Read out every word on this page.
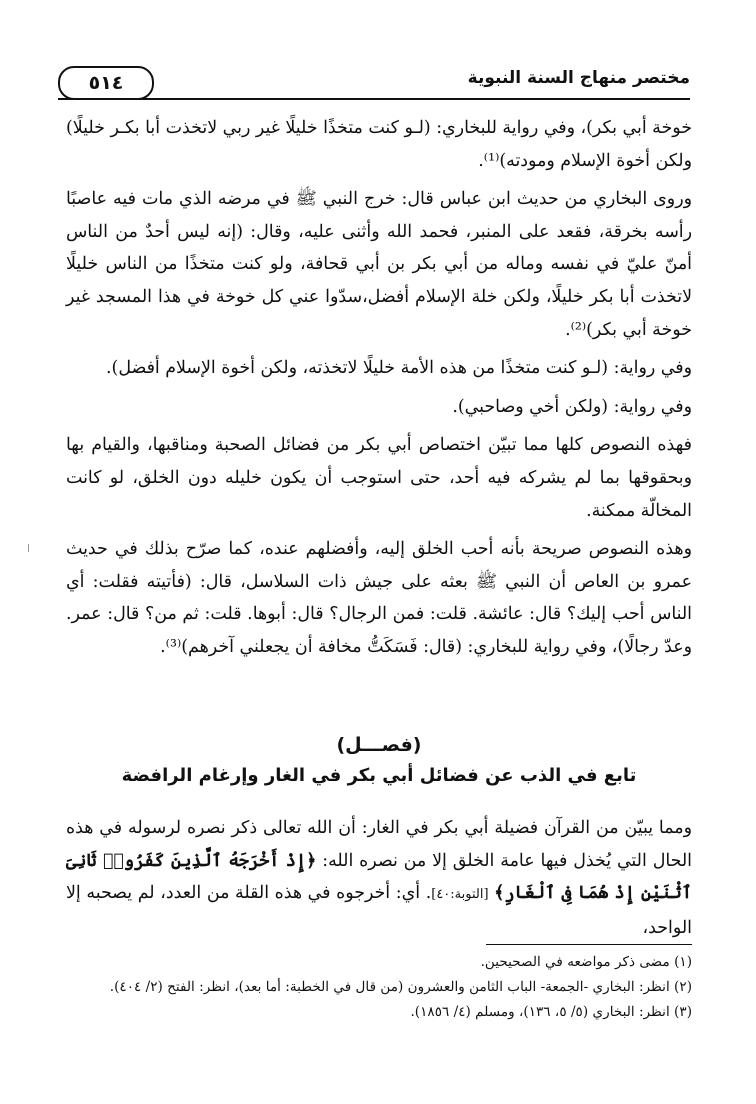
مختصر منهاج السنة النبوية
٥١٤

خوخة أبي بكر)، وفي رواية للبخاري: (لـو كنت متخذًا خليلًا غير ربي لاتخذت أبا بكـر خليلًا) ولكن أخوة الإسلام ومودته)⁽¹⁾.

وروى البخاري من حديث ابن عباس قال: خرج النبي ﷺ في مرضه الذي مات فيه عاصبًا رأسه بخرقة، فقعد على المنبر، فحمد الله وأثنى عليه، وقال: (إنه ليس أحدٌ من الناس أمنّ عليّ في نفسه وماله من أبي بكر بن أبي قحافة، ولو كنت متخذًا من الناس خليلًا لاتخذت أبا بكر خليلًا، ولكن خلة الإسلام أفضل،سدّوا عني كل خوخة في هذا المسجد غير خوخة أبي بكر)⁽²⁾.

وفي رواية: (لـو كنت متخذًا من هذه الأمة خليلًا لاتخذته، ولكن أخوة الإسلام أفضل).

وفي رواية: (ولكن أخي وصاحبي).

فهذه النصوص كلها مما تبيّن اختصاص أبي بكر من فضائل الصحبة ومناقبها، والقيام بها وبحقوقها بما لم يشركه فيه أحد، حتى استوجب أن يكون خليله دون الخلق، لو كانت المخالّة ممكنة.

وهذه النصوص صريحة بأنه أحب الخلق إليه، وأفضلهم عنده، كما صرّح بذلك في حديث عمرو بن العاص أن النبي ﷺ بعثه على جيش ذات السلاسل، قال: (فأتيته فقلت: أي الناس أحب إليك؟ قال: عائشة. قلت: فمن الرجال؟ قال: أبوها. قلت: ثم من؟ قال: عمر. وعدّ رجالًا)، وفي رواية للبخاري: (قال: فَسَكَتُّ مخافة أن يجعلني آخرهم)⁽³⁾.

(فصـــل)
تابع في الذب عن فضائل أبي بكر في الغار وإرغام الرافضة
ومما يبيّن من القرآن فضيلة أبي بكر في الغار: أن الله تعالى ذكر نصره لرسوله في هذه الحال التي يُخذل فيها عامة الخلق إلا من نصره الله: ﴿إِذْ أَخْرَجَهُ ٱلَّذِينَ كَفَرُوا۟ ثَانِىَ ٱثْنَيْنِ إِذْ هُمَا فِى ٱلْغَارِ﴾ [التوبة:٤٠]. أي: أخرجوه في هذه القلة من العدد، لم يصحبه إلا الواحد،
(١) مضى ذكر مواضعه في الصحيحين.
(٢) انظر: البخاري -الجمعة- الباب الثامن والعشرون (من قال في الخطبة: أما بعد)، انظر: الفتح (٢/ ٤٠٤).
(٣) انظر: البخاري (٥/ ٥، ١٣٦)، ومسلم (٤/ ١٨٥٦).
